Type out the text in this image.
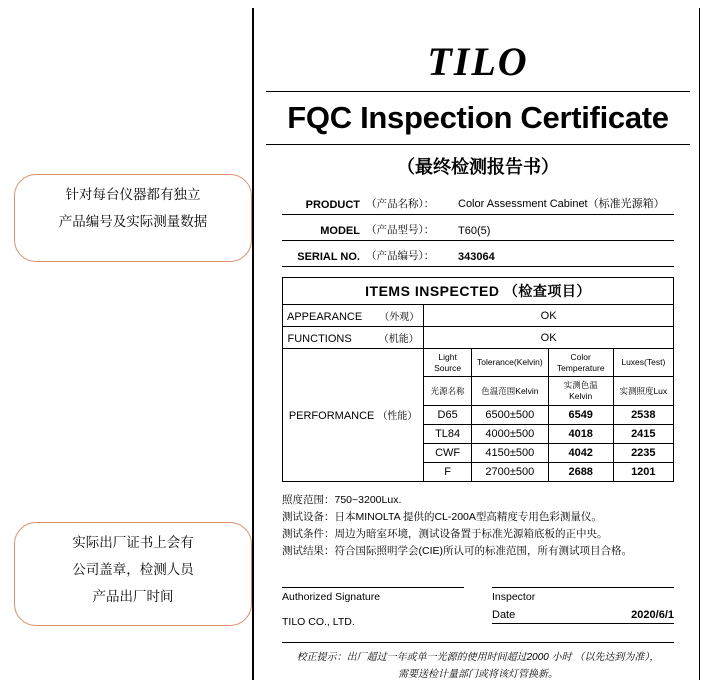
针对每台仪器都有独立
产品编号及实际测量数据
实际出厂证书上会有
公司盖章，检测人员
产品出厂时间
TILO
FQC Inspection Certificate
（最终检测报告书）
PRODUCT （产品名称）：	Color Assessment Cabinet（标准光源箱）
MODEL （产品型号）：	T60(5)
SERIAL NO. （产品编号）：	343064
ITEMS INSPECTED （检查项目）				
APPEARANCE （外观）	OK			
FUNCTIONS （机能）	OK			
PERFORMANCE （性能）	Light Source	Tolerance(Kelvin)	Color Temperature	Luxes(Test)
	光源名称	色温范围Kelvin	实测色温Kelvin	实测照度Lux
	D65	6500±500	6549	2538
	TL84	4000±500	4018	2415
	CWF	4150±500	4042	2235
	F	2700±500	2688	1201
照度范围：750~3200Lux.
测试设备：日本MINOLTA 提供的CL-200A型高精度专用色彩测量仪。
测试条件：周边为暗室环境，测试设备置于标准光源箱底板的正中央。
测试结果：符合国际照明学会(CIE)所认可的标准范围，所有测试项目合格。
Authorized Signature
TILO CO., LTD.
Inspector
Date	2020/6/1
校正提示：出厂超过一年或单一光源的使用时间超过2000 小时 （以先达到为准），
需要送检计量部门或将该灯管换新。
